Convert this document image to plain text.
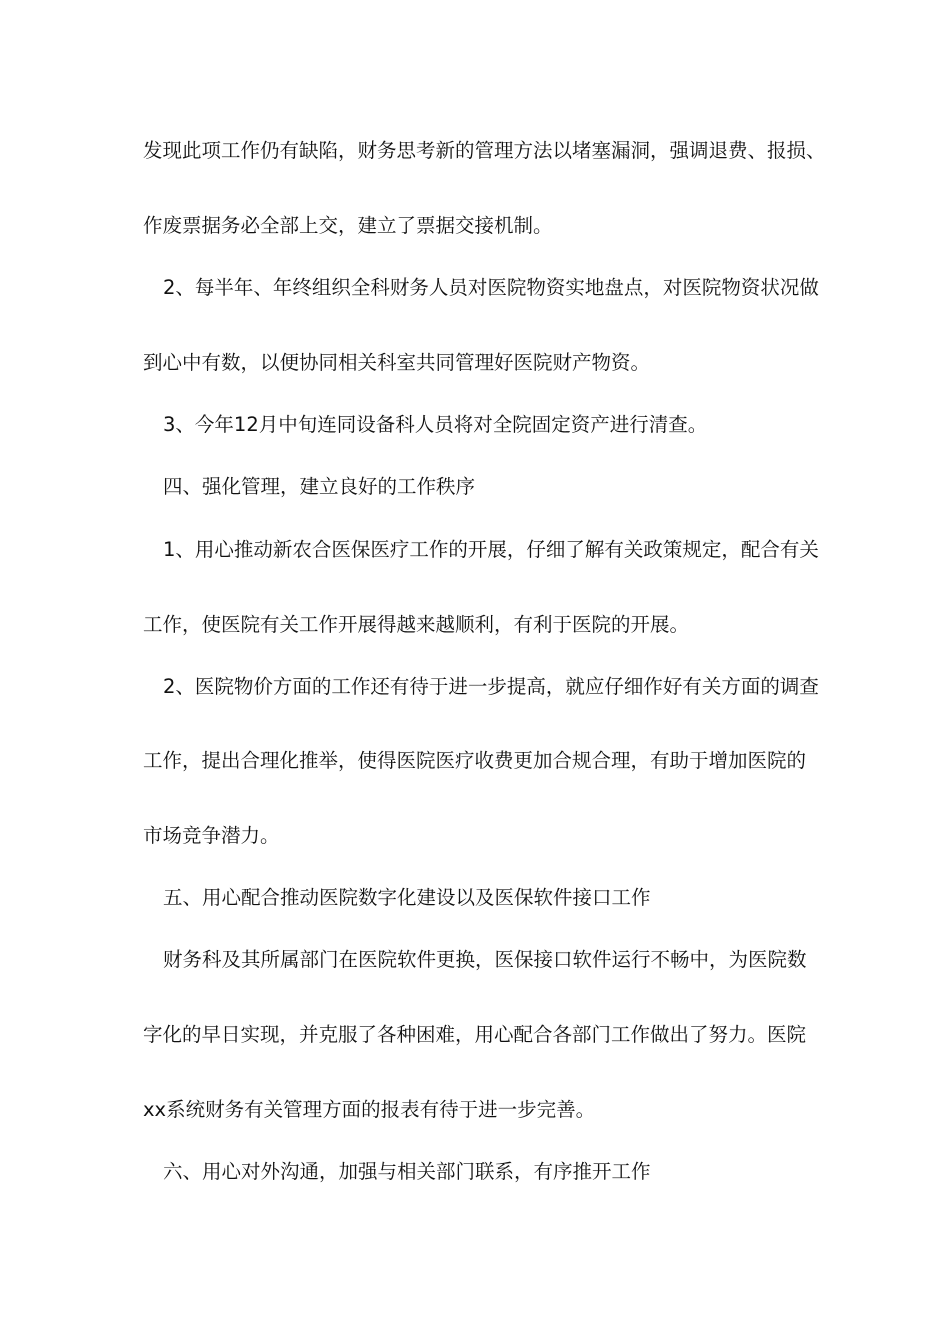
发现此项工作仍有缺陷，财务思考新的管理方法以堵塞漏洞，强调退费、报损、
作废票据务必全部上交，建立了票据交接机制。
2、每半年、年终组织全科财务人员对医院物资实地盘点，对医院物资状况做
到心中有数，以便协同相关科室共同管理好医院财产物资。
3、今年12月中旬连同设备科人员将对全院固定资产进行清查。
四、强化管理，建立良好的工作秩序
1、用心推动新农合医保医疗工作的开展，仔细了解有关政策规定，配合有关
工作，使医院有关工作开展得越来越顺利，有利于医院的开展。
2、医院物价方面的工作还有待于进一步提高，就应仔细作好有关方面的调查
工作，提出合理化推举，使得医院医疗收费更加合规合理，有助于增加医院的
市场竞争潜力。
五、用心配合推动医院数字化建设以及医保软件接口工作
财务科及其所属部门在医院软件更换，医保接口软件运行不畅中，为医院数
字化的早日实现，并克服了各种困难，用心配合各部门工作做出了努力。医院
xx系统财务有关管理方面的报表有待于进一步完善。
六、用心对外沟通，加强与相关部门联系，有序推开工作
